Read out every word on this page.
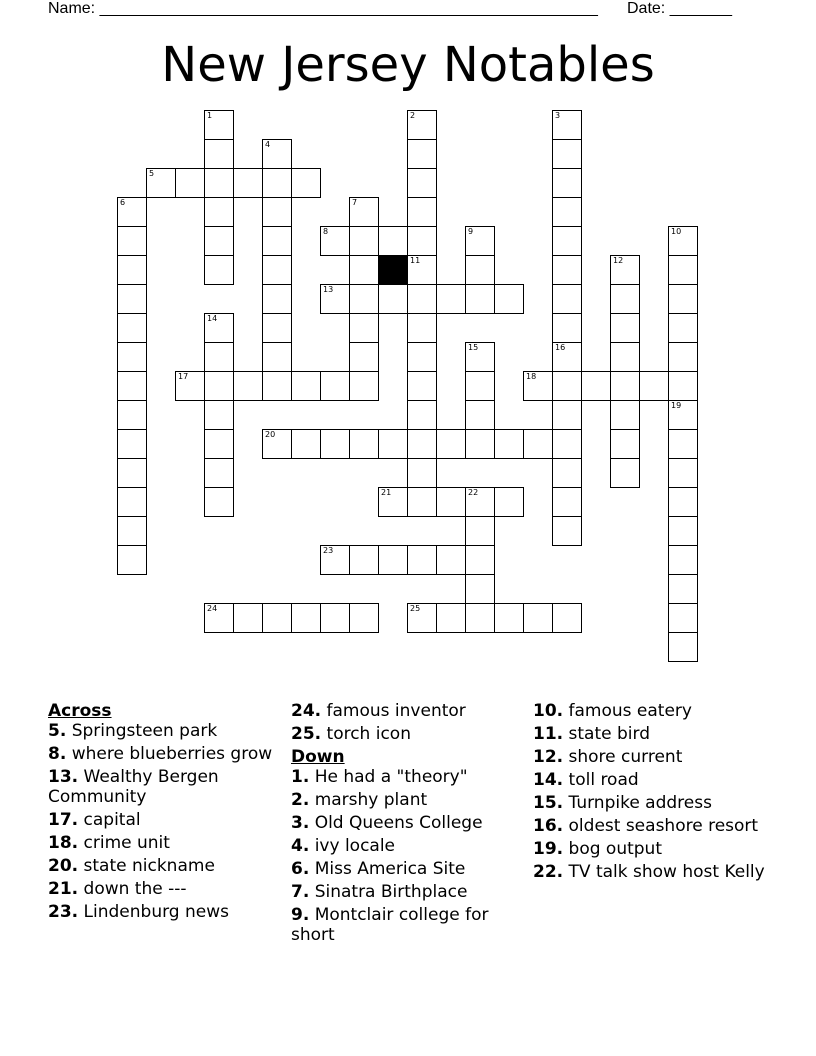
Name: ________________________________________________________ Date: _______
New Jersey Notables
1	2	3
4
5
6	7
8	9	10
11	12
13
14
15	16
17	18
19
20
21	22
23
24	25
Across
5. Springsteen park
8. where blueberries grow
13. Wealthy Bergen Community
17. capital
18. crime unit
20. state nickname
21. down the ---
23. Lindenburg news
24. famous inventor
25. torch icon
Down
1. He had a "theory"
2. marshy plant
3. Old Queens College
4. ivy locale
6. Miss America Site
7. Sinatra Birthplace
9. Montclair college for short
10. famous eatery
11. state bird
12. shore current
14. toll road
15. Turnpike address
16. oldest seashore resort
19. bog output
22. TV talk show host Kelly
